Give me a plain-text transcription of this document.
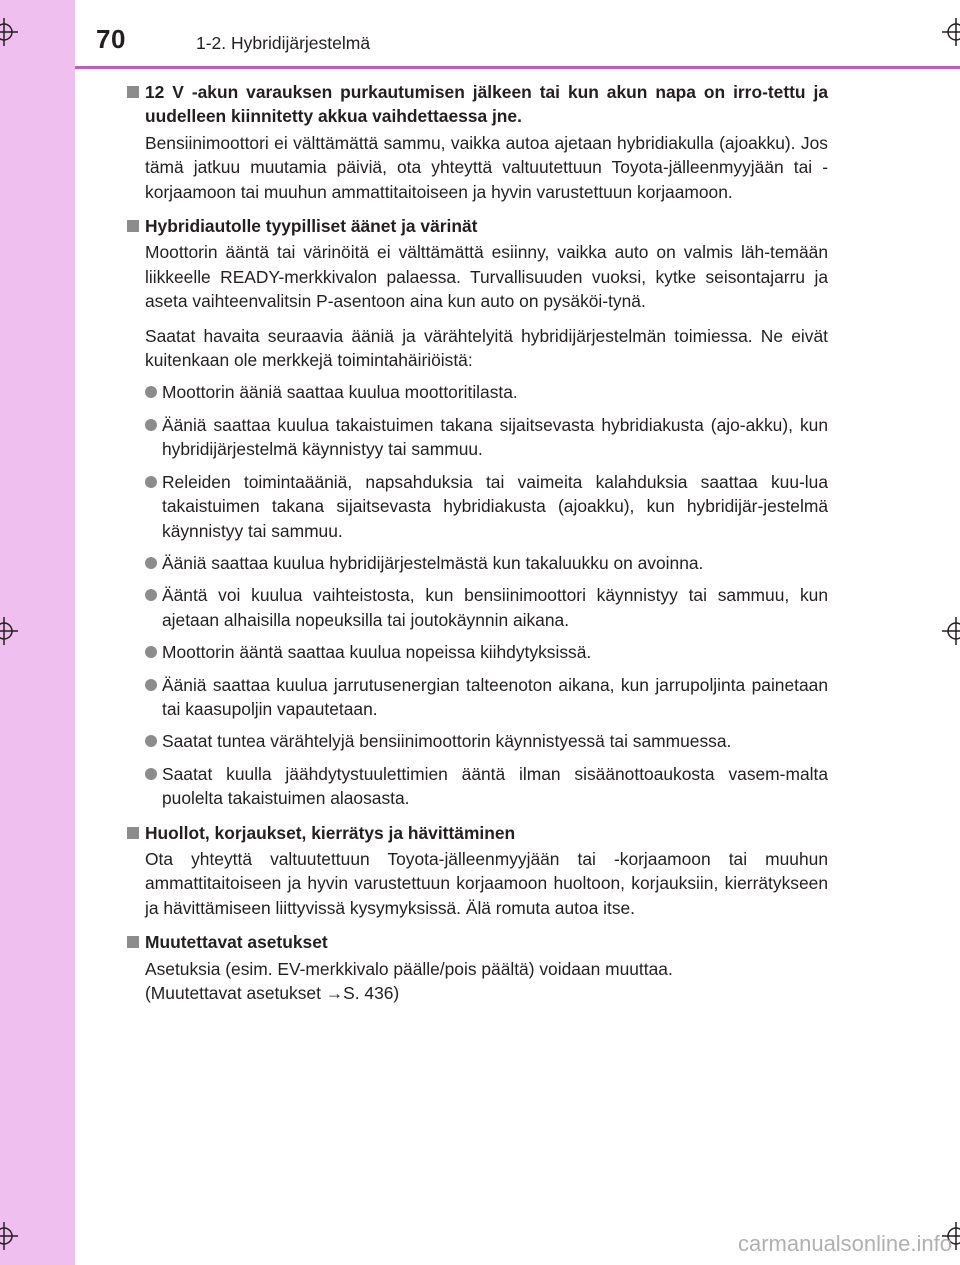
70	1-2. Hybridijärjestelmä
12 V -akun varauksen purkautumisen jälkeen tai kun akun napa on irro-tettu ja uudelleen kiinnitetty akkua vaihdettaessa jne.

Bensiinimoottori ei välttämättä sammu, vaikka autoa ajetaan hybridiakulla (ajoakku). Jos tämä jatkuu muutamia päiviä, ota yhteyttä valtuutettuun Toyota-jälleenmyyjään tai -korjaamoon tai muuhun ammattitaitoiseen ja hyvin varustettuun korjaamoon.

Hybridiautolle tyypilliset äänet ja värinät

Moottorin ääntä tai värinöitä ei välttämättä esiinny, vaikka auto on valmis läh-temään liikkeelle READY-merkkivalon palaessa. Turvallisuuden vuoksi, kytke seisontajarru ja aseta vaihteenvalitsin P-asentoon aina kun auto on pysäköi-tynä.

Saatat havaita seuraavia ääniä ja värähtelyitä hybridijärjestelmän toimiessa. Ne eivät kuitenkaan ole merkkejä toimintahäiriöistä:

Moottorin ääniä saattaa kuulua moottoritilasta.
Ääniä saattaa kuulua takaistuimen takana sijaitsevasta hybridiakusta (ajo-akku), kun hybridijärjestelmä käynnistyy tai sammuu.
Releiden toimintaääniä, napsahduksia tai vaimeita kalahduksia saattaa kuu-lua takaistuimen takana sijaitsevasta hybridiakusta (ajoakku), kun hybridijär-jestelmä käynnistyy tai sammuu.
Ääniä saattaa kuulua hybridijärjestelmästä kun takaluukku on avoinna.
Ääntä voi kuulua vaihteistosta, kun bensiinimoottori käynnistyy tai sammuu, kun ajetaan alhaisilla nopeuksilla tai joutokäynnin aikana.
Moottorin ääntä saattaa kuulua nopeissa kiihdytyksissä.
Ääniä saattaa kuulua jarrutusenergian talteenoton aikana, kun jarrupoljinta painetaan tai kaasupoljin vapautetaan.
Saatat tuntea värähtelyjä bensiinimoottorin käynnistyessä tai sammuessa.
Saatat kuulla jäähdytystuulettimien ääntä ilman sisäänottoaukosta vasem-malta puolelta takaistuimen alaosasta.
Huollot, korjaukset, kierrätys ja hävittäminen

Ota yhteyttä valtuutettuun Toyota-jälleenmyyjään tai -korjaamoon tai muuhun ammattitaitoiseen ja hyvin varustettuun korjaamoon huoltoon, korjauksiin, kierrätykseen ja hävittämiseen liittyvissä kysymyksissä. Älä romuta autoa itse.

Muutettavat asetukset

Asetuksia (esim. EV-merkkivalo päälle/pois päältä) voidaan muuttaa.

(Muutettavat asetukset →S. 436)

carmanualsonline.info
